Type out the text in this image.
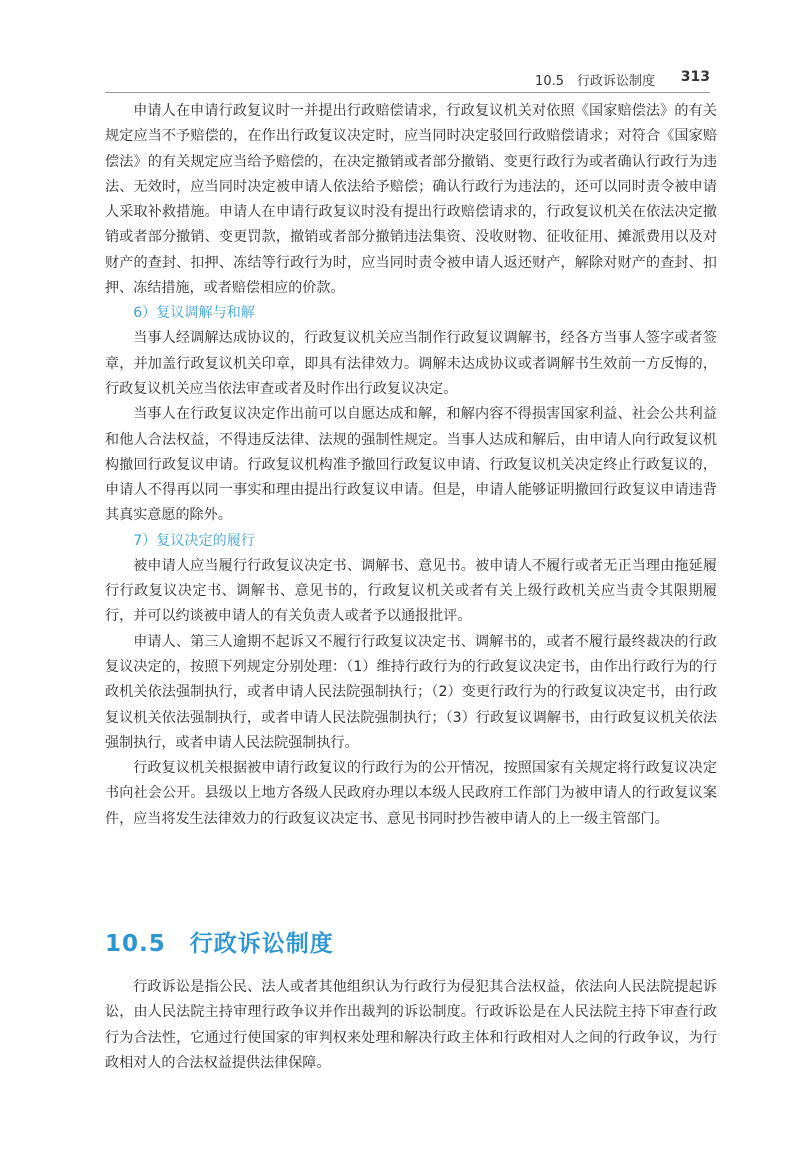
10.5　行政诉讼制度 313

申请人在申请行政复议时一并提出行政赔偿请求，行政复议机关对依照《国家赔偿法》的有关规定应当不予赔偿的，在作出行政复议决定时，应当同时决定驳回行政赔偿请求；对符合《国家赔偿法》的有关规定应当给予赔偿的，在决定撤销或者部分撤销、变更行政行为或者确认行政行为违法、无效时，应当同时决定被申请人依法给予赔偿；确认行政行为违法的，还可以同时责令被申请人采取补救措施。申请人在申请行政复议时没有提出行政赔偿请求的，行政复议机关在依法决定撤销或者部分撤销、变更罚款，撤销或者部分撤销违法集资、没收财物、征收征用、摊派费用以及对财产的查封、扣押、冻结等行政行为时，应当同时责令被申请人返还财产，解除对财产的查封、扣押、冻结措施，或者赔偿相应的价款。

6）复议调解与和解

当事人经调解达成协议的，行政复议机关应当制作行政复议调解书，经各方当事人签字或者签章，并加盖行政复议机关印章，即具有法律效力。调解未达成协议或者调解书生效前一方反悔的，行政复议机关应当依法审查或者及时作出行政复议决定。

当事人在行政复议决定作出前可以自愿达成和解，和解内容不得损害国家利益、社会公共利益和他人合法权益，不得违反法律、法规的强制性规定。当事人达成和解后，由申请人向行政复议机构撤回行政复议申请。行政复议机构准予撤回行政复议申请、行政复议机关决定终止行政复议的，申请人不得再以同一事实和理由提出行政复议申请。但是，申请人能够证明撤回行政复议申请违背其真实意愿的除外。

7）复议决定的履行

被申请人应当履行行政复议决定书、调解书、意见书。被申请人不履行或者无正当理由拖延履行行政复议决定书、调解书、意见书的，行政复议机关或者有关上级行政机关应当责令其限期履行，并可以约谈被申请人的有关负责人或者予以通报批评。

申请人、第三人逾期不起诉又不履行行政复议决定书、调解书的，或者不履行最终裁决的行政复议决定的，按照下列规定分别处理：（1）维持行政行为的行政复议决定书，由作出行政行为的行政机关依法强制执行，或者申请人民法院强制执行；（2）变更行政行为的行政复议决定书，由行政复议机关依法强制执行，或者申请人民法院强制执行；（3）行政复议调解书，由行政复议机关依法强制执行，或者申请人民法院强制执行。

行政复议机关根据被申请行政复议的行政行为的公开情况，按照国家有关规定将行政复议决定书向社会公开。县级以上地方各级人民政府办理以本级人民政府工作部门为被申请人的行政复议案件，应当将发生法律效力的行政复议决定书、意见书同时抄告被申请人的上一级主管部门。

10.5 行政诉讼制度

行政诉讼是指公民、法人或者其他组织认为行政行为侵犯其合法权益，依法向人民法院提起诉讼，由人民法院主持审理行政争议并作出裁判的诉讼制度。行政诉讼是在人民法院主持下审查行政行为合法性，它通过行使国家的审判权来处理和解决行政主体和行政相对人之间的行政争议，为行政相对人的合法权益提供法律保障。
